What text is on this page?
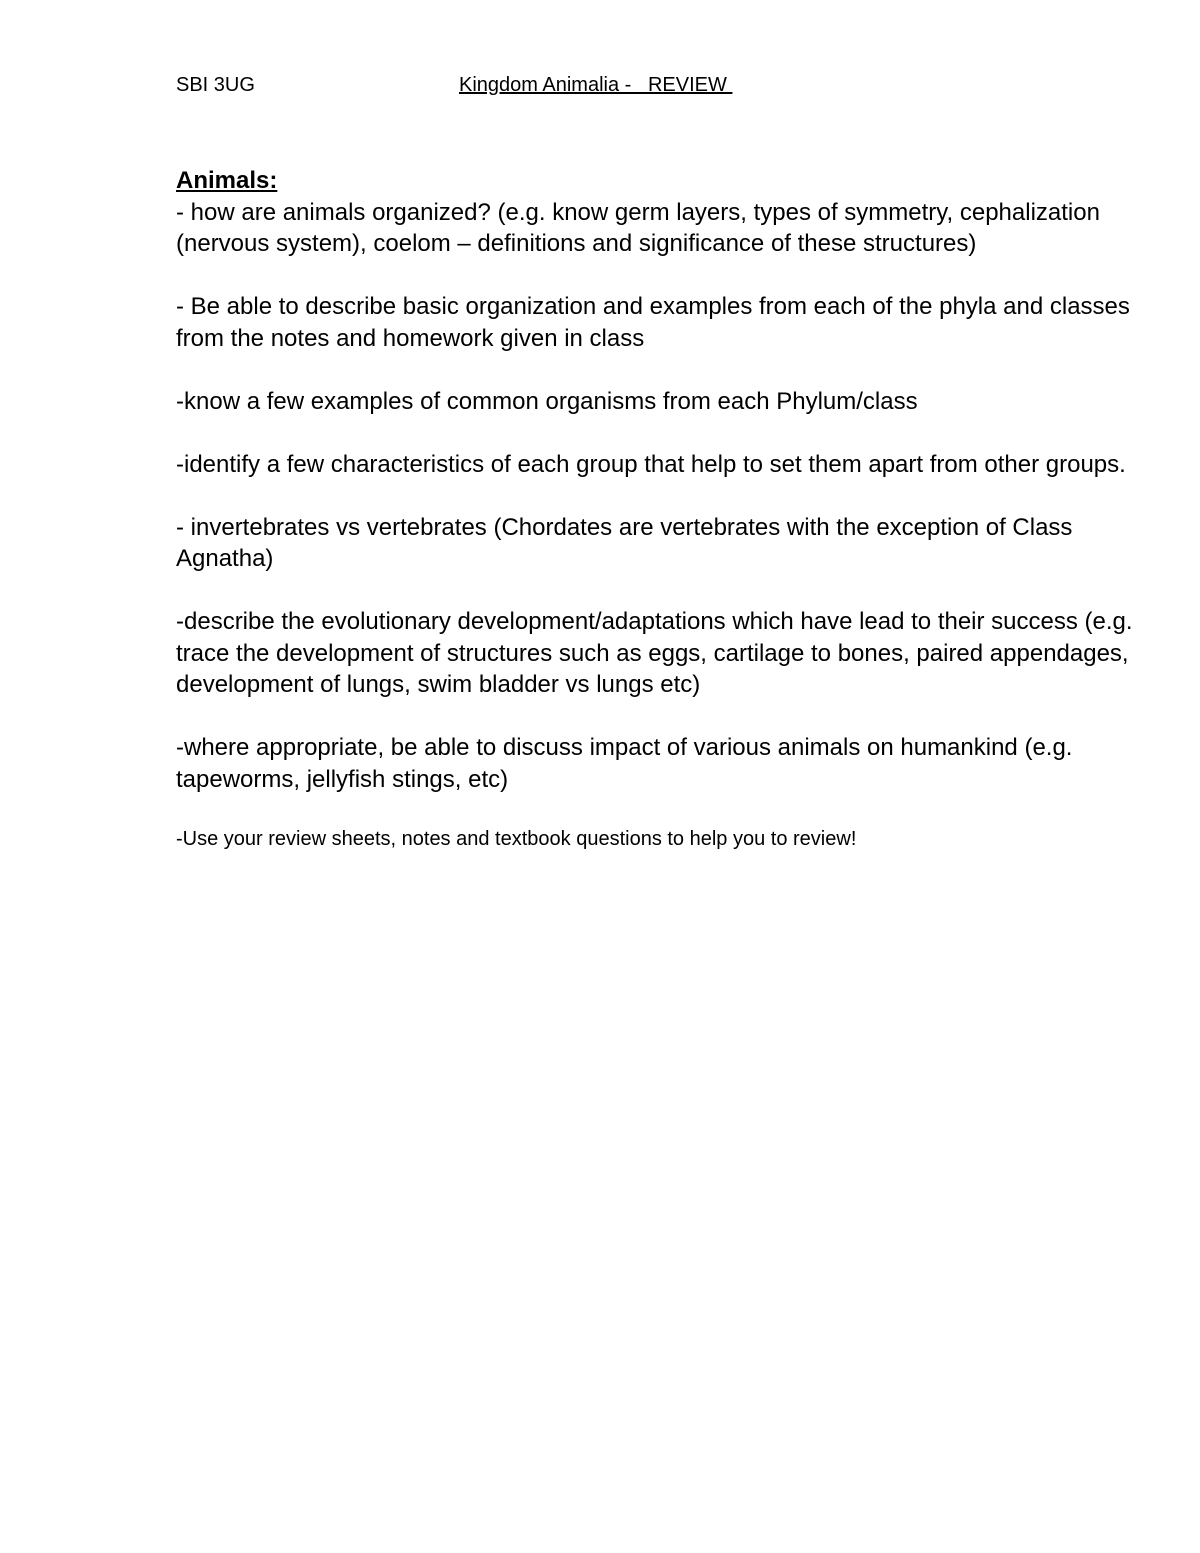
SBI 3UG	Kingdom Animalia -   REVIEW
Animals:

- how are animals organized? (e.g. know germ layers, types of symmetry, cephalization (nervous system), coelom – definitions and significance of these structures)

- Be able to describe basic organization and examples from each of the phyla and classes from the notes and homework given in class

-know a few examples of common organisms from each Phylum/class

-identify a few characteristics of each group that help to set them apart from other groups.

- invertebrates vs vertebrates (Chordates are vertebrates with the exception of Class Agnatha)

-describe the evolutionary development/adaptations which have lead to their success (e.g. trace the development of structures such as eggs, cartilage to bones, paired appendages, development of lungs, swim bladder vs lungs etc)

-where appropriate, be able to discuss impact of various animals on humankind (e.g. tapeworms, jellyfish stings, etc)

-Use your review sheets, notes and textbook questions to help you to review!
